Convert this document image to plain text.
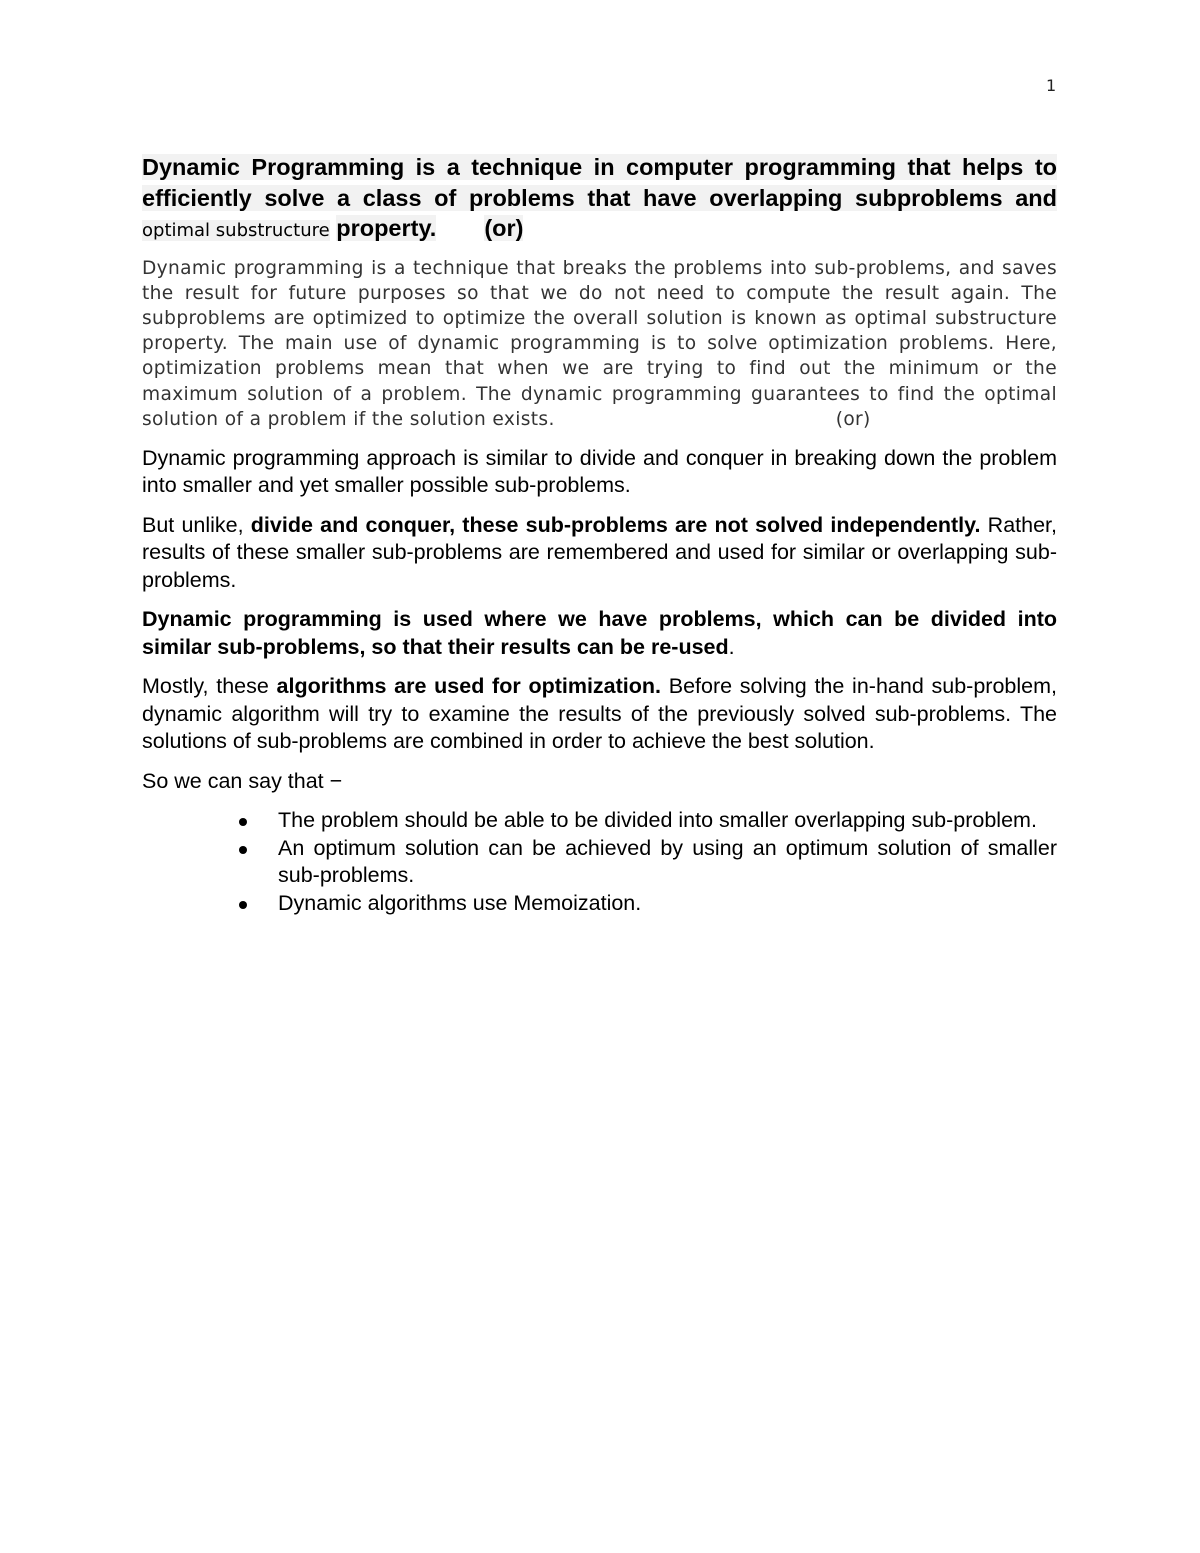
1

Dynamic Programming is a technique in computer programming that helps to efficiently solve a class of problems that have overlapping subproblems and optimal substructure property. (or)

Dynamic programming is a technique that breaks the problems into sub-problems, and saves the result for future purposes so that we do not need to compute the result again. The subproblems are optimized to optimize the overall solution is known as optimal substructure property. The main use of dynamic programming is to solve optimization problems. Here, optimization problems mean that when we are trying to find out the minimum or the maximum solution of a problem. The dynamic programming guarantees to find the optimal solution of a problem if the solution exists.	(or)

Dynamic programming approach is similar to divide and conquer in breaking down the problem into smaller and yet smaller possible sub-problems.

But unlike, divide and conquer, these sub-problems are not solved independently. Rather, results of these smaller sub-problems are remembered and used for similar or overlapping sub-problems.

Dynamic programming is used where we have problems, which can be divided into similar sub-problems, so that their results can be re-used.

Mostly, these algorithms are used for optimization. Before solving the in-hand sub-problem, dynamic algorithm will try to examine the results of the previously solved sub-problems. The solutions of sub-problems are combined in order to achieve the best solution.

So we can say that −

The problem should be able to be divided into smaller overlapping sub-problem.
An optimum solution can be achieved by using an optimum solution of smaller sub-problems.
Dynamic algorithms use Memoization.
